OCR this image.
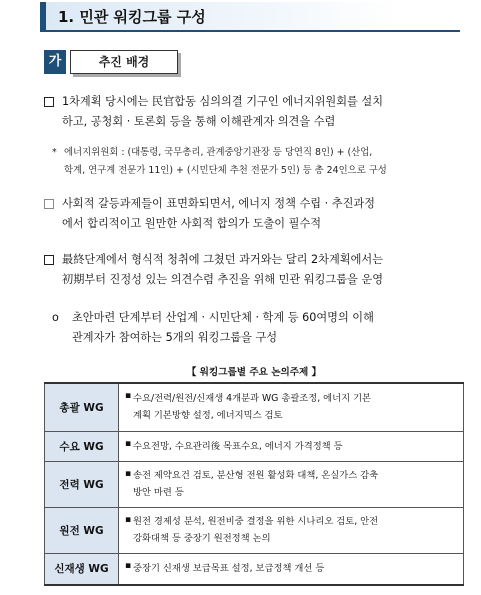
1. 민관 워킹그룹 구성
가	추진 배경
1차계획 당시에는 民官합동 심의의결 기구인 에너지위원회를 설치
하고, 공청회 · 토론회 등을 통해 이해관계자 의견을 수렴
* 에너지위원회 : (대통령, 국무총리, 관계중앙기관장 등 당연직 8인) + (산업,
학계, 연구계 전문가 11인) + (시민단체 추천 전문가 5인) 등 총 24인으로 구성
사회적 갈등과제들이 표면화되면서, 에너지 정책 수립 · 추진과정
에서 합리적이고 원만한 사회적 합의가 도출이 필수적
最終단계에서 형식적 청취에 그쳤던 과거와는 달리 2차계획에서는
初期부터 진정성 있는 의견수렴 추진을 위해 민관 워킹그룹을 운영
o 초안마련 단계부터 산업계 · 시민단체 · 학계 등 60여명의 이해
관계자가 참여하는 5개의 워킹그룹을 구성
【 워킹그룹별 주요 논의주제 】
총괄 WG	▪ 수요/전력/원전/신재생 4개분과 WG 총괄조정, 에너지 기본
계획 기본방향 설정, 에너지믹스 검토

수요 WG	▪ 수요전망, 수요관리後 목표수요, 에너지 가격정책 등

전력 WG	▪ 송전 제약요건 검토, 분산형 전원 활성화 대책, 온실가스 감축
방안 마련 등

원전 WG	▪ 원전 경제성 분석, 원전비중 결정을 위한 시나리오 검토, 안전
강화대책 등 중장기 원전정책 논의

신재생 WG	▪ 중장기 신재생 보급목표 설정, 보급정책 개선 등
